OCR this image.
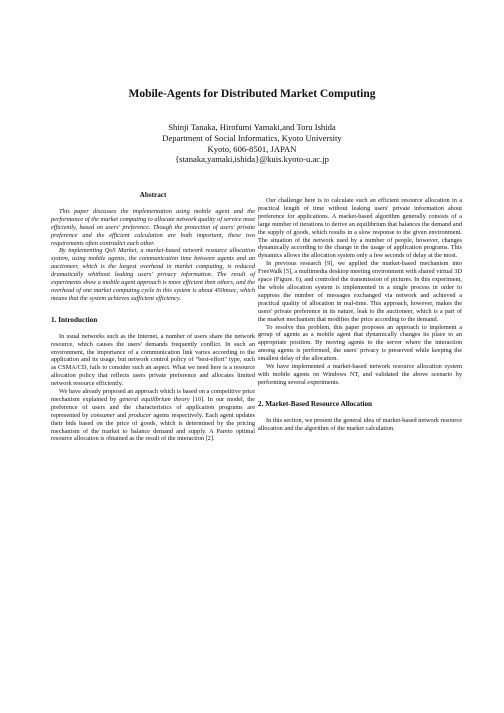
Mobile-Agents for Distributed Market Computing
Shinji Tanaka, Hirofumi Yamaki,and Toru Ishida
Department of Social Informatics, Kyoto University
Kyoto, 606-8501, JAPAN
{stanaka,yamaki,ishida}@kuis.kyoto-u.ac.jp
Abstract

This paper discusses the implementation using mobile agent and the performance of the market computing to allocate network quality of service most efficiently, based on users' preference. Though the protection of users' private preference and the efficient calculation are both important, these two requirements often contradict each other.

By implementing QoS Market, a market-based network resource allocation system, using mobile agents, the communication time between agents and an auctioneer, which is the largest overhead in market computing, is reduced dramatically whithout leaking users' privacy information. The result of experiments show a mobile agent approach is more efficient then others, and the overhead of one market computing cycle in this system is about 450msec, which means that the system achieves sufficient efficiency.

1. Introduction

In usual networks such as the Internet, a number of users share the network resource, which causes the users' demands frequently conflict. In such an environment, the importance of a communication link varies according to the application and its usage, but network control policy of "best-effort" type, such as CSMA/CD, fails to consider such an aspect. What we need here is a resource allocation policy that reflects users private preference and allocates limited network resource efficiently.

We have already proposed an approach which is based on a competitive price mechanism explained by general equilibrium theory [10]. In our model, the preference of users and the characteristics of application programs are represented by consumer and producer agents respectively. Each agent updates their bids based on the price of goods, which is determined by the pricing mechanism of the market to balance demand and supply. A Pareto optimal resource allocation is obtained as the result of the interaction [2].

Our challenge here is to calculate such an efficient resource allocation in a practical length of time without leaking users' private information about preference for applications. A market-based algorithm generally consists of a large number of iterations to derive an equilibrium that balances the demand and the supply of goods, which results in a slow response to the given environment. The situation of the network used by a number of people, however, changes dynamically according to the change in the usage of application programs. This dynamics allows the allocation system only a few seconds of delay at the most.

In previous research [9], we applied the market-based mechanism into FreeWalk [5], a multimedia desktop meeting environment with shared virtual 3D space (Figure. 6), and controled the transmission of pictures. In this experiment, the whole allocation system is implemented in a single process in order to suppress the number of messages exchanged via network and achieved a practical quality of allocation in real-time. This approach, however, makes the users' private preference in its nature, leak to the auctioneer, which is a part of the market mechanism that modifies the price according to the demand.

To resolve this problem, this paper proposes an approach to implement a group of agents as a mobile agent that dynamically changes its place to an appropriate position. By moving agents to the server where the interaction among agents is performed, the users' privacy is preserved while keeping the smallest delay of the allocation.

We have implemented a market-based network resource allocation system with mobile agents on Windows NT, and validated the above scenario by performing several experiments.

2. Market-Based Resource Allocation

In this section, we present the general idea of market-based network resource allocation and the algorithm of the market calculation.
